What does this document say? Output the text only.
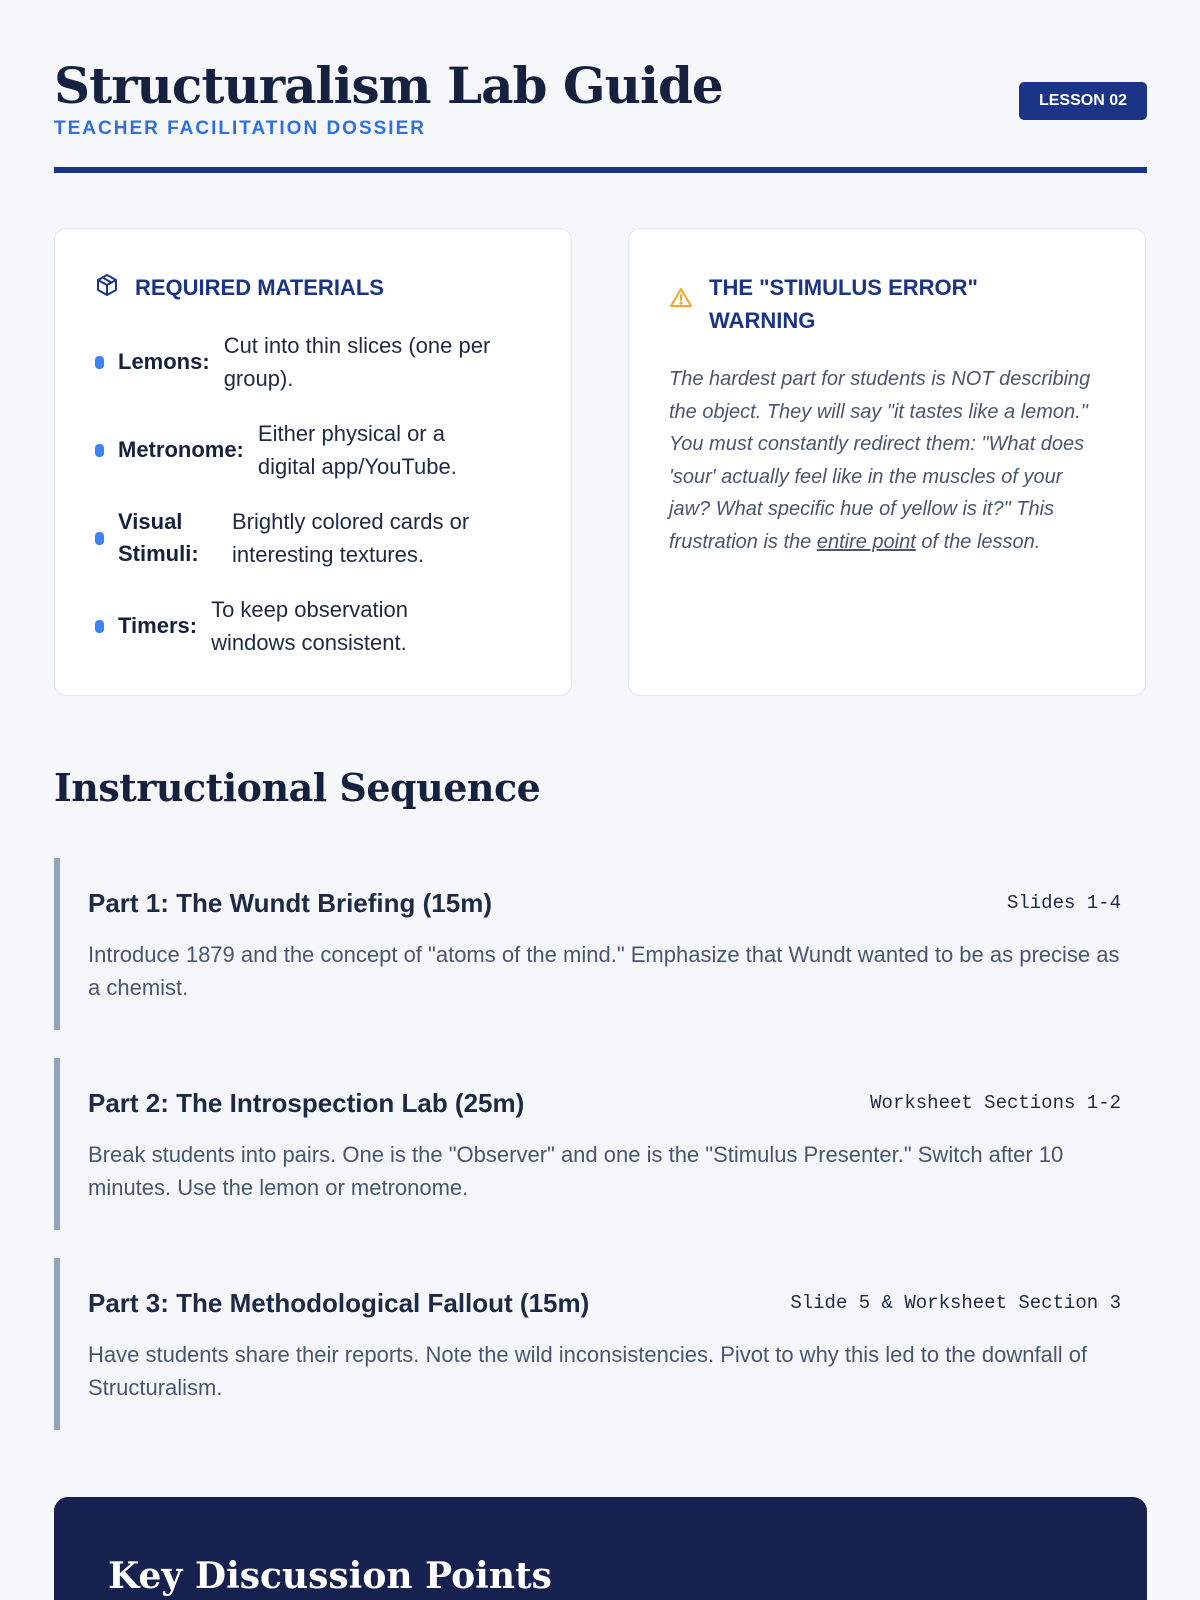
Structuralism Lab Guide
TEACHER FACILITATION DOSSIER
LESSON 02
REQUIRED MATERIALS
Lemons:
Cut into thin slices (one per group).
Metronome:
Either physical or a digital app/YouTube.
Visual Stimuli:
Brightly colored cards or interesting textures.
Timers:
To keep observation windows consistent.
THE "STIMULUS ERROR" WARNING

The hardest part for students is NOT describing the object. They will say "it tastes like a lemon." You must constantly redirect them: "What does 'sour' actually feel like in the muscles of your jaw? What specific hue of yellow is it?" This frustration is the entire point of the lesson.

Instructional Sequence
Part 1: The Wundt Briefing (15m)	Slides 1-4
Introduce 1879 and the concept of "atoms of the mind." Emphasize that Wundt wanted to be as precise as a chemist.
Part 2: The Introspection Lab (25m)	Worksheet Sections 1-2
Break students into pairs. One is the "Observer" and one is the "Stimulus Presenter." Switch after 10 minutes. Use the lemon or metronome.
Part 3: The Methodological Fallout (15m)	Slide 5 & Worksheet Section 3
Have students share their reports. Note the wild inconsistencies. Pivot to why this led to the downfall of Structuralism.
Key Discussion Points
